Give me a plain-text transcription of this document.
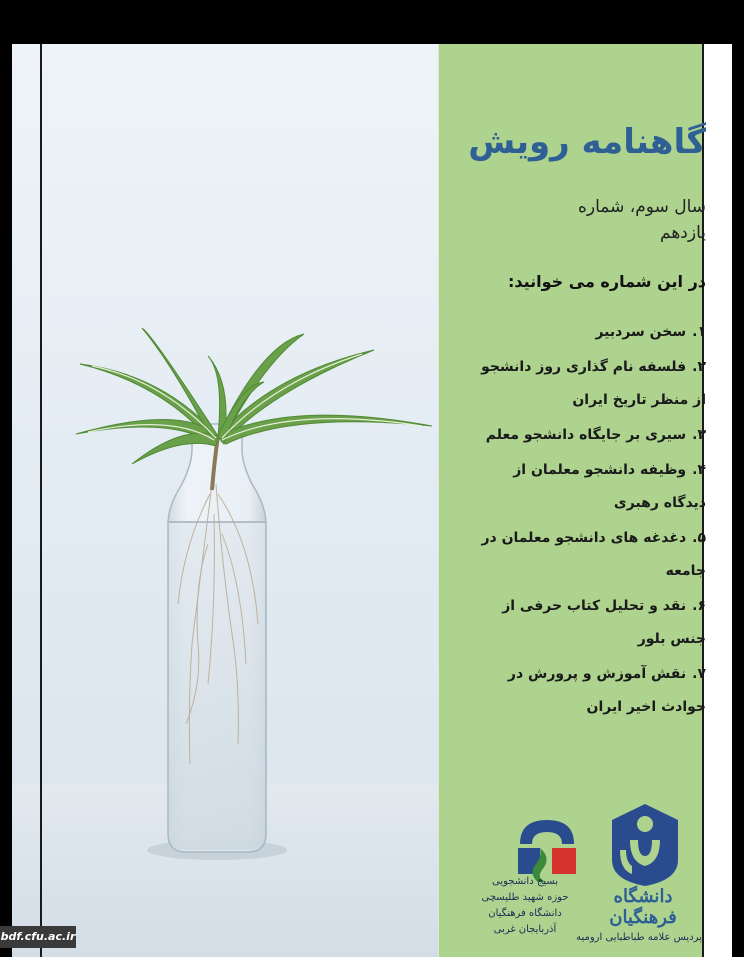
گاهنامه رویش
سال سوم، شماره
یازدهم
در این شماره می خوانید:
۱.سخن سردبیر
۲.فلسفه نام گذاری روز دانشجو از منظر تاریخ ایران
۳.سیری بر جایگاه دانشجو معلم
۴.وظیفه دانشجو معلمان از دیدگاه رهبری
۵.دغدغه های دانشجو معلمان در جامعه
۶.نقد و تحلیل کتاب حرفی از جنس بلور
۷.نقش آموزش و پرورش در حوادث اخیر ایران
بسیج دانشجویی
حوزه شهید طلیسچی
دانشگاه فرهنگیان
آذربایجان غربی
دانشگاه فرهنگیان
پردیس علامه طباطبایی ارومیه
bdf.cfu.ac.ir
